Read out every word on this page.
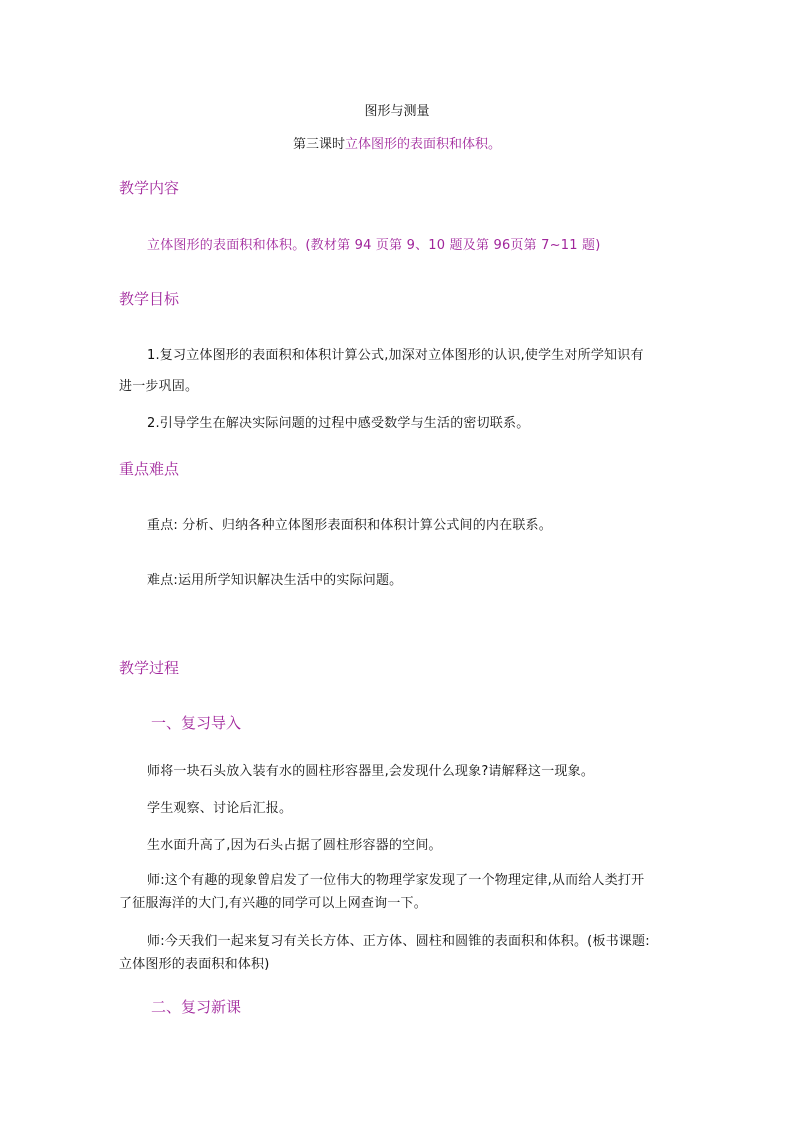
图形与测量
第三课时立体图形的表面积和体积。
教学内容
立体图形的表面积和体积。(教材第 94 页第 9、10 题及第 96页第 7~11 题)
教学目标
1.复习立体图形的表面积和体积计算公式,加深对立体图形的认识,使学生对所学知识有
进一步巩固。
2.引导学生在解决实际问题的过程中感受数学与生活的密切联系。
重点难点
重点: 分析、归纳各种立体图形表面积和体积计算公式间的内在联系。
难点:运用所学知识解决生活中的实际问题。
教学过程
一、复习导入
师将一块石头放入装有水的圆柱形容器里,会发现什么现象?请解释这一现象。
学生观察、讨论后汇报。
生水面升高了,因为石头占据了圆柱形容器的空间。
师:这个有趣的现象曾启发了一位伟大的物理学家发现了一个物理定律,从而给人类打开
了征服海洋的大门,有兴趣的同学可以上网查询一下。
师:今天我们一起来复习有关长方体、正方体、圆柱和圆锥的表面积和体积。(板书课题:
立体图形的表面积和体积)
二、复习新课
